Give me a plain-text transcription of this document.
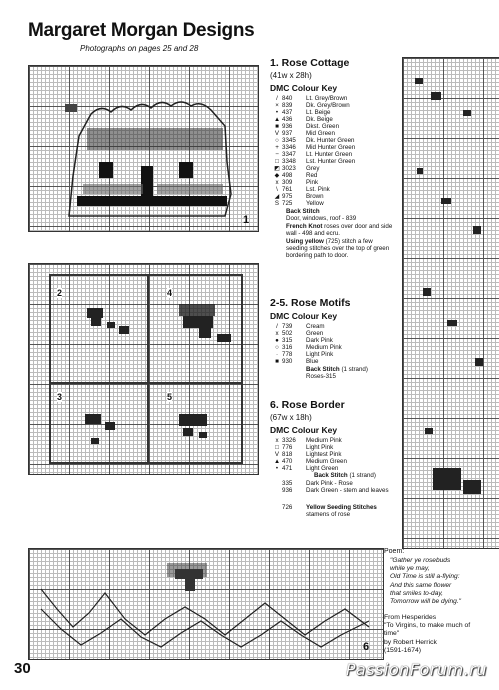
Margaret Morgan Designs
Photographs on pages 25 and 28
1
2	4
3	5
6
1. Rose Cottage
(41w x 28h)
DMC Colour Key
/ 840 Lt. Grey/Brown
× 839 Dk. Grey/Brown
• 437 Lt. Beige
▲ 436 Dk. Beige
■ 936 Dkst. Green
V 937 Mid Green
○ 3345 Dk. Hunter Green
+ 3346 Mid Hunter Green
− 3347 Lt. Hunter Green
□ 3348 Lst. Hunter Green
◩ 3023 Grey
◆ 498 Red
x 309 Pink
\ 761 Lst. Pink
◢ 975 Brown
S 725 Yellow
Back Stitch
Door, windows, roof - 839
French Knot roses over door and side wall - 498 and ecru.
Using yellow (725) stitch a few seeding stitches over the top of green bordering path to door.
2-5. Rose Motifs
DMC Colour Key
/ 739 Cream
x 502 Green
● 315 Dark Pink
○ 316 Medium Pink
· 778 Light Pink
■ 930 Blue
Back Stitch (1 strand)
Roses-315
6. Rose Border
(67w x 18h)
DMC Colour Key
x 3326 Medium Pink
□ 776 Light Pink
V 818 Lightest Pink
▲ 470 Medium Green
• 471 Light Green
Back Stitch (1 strand)
335 Dark Pink - Rose
936 Dark Green - stem and leaves
726 Yellow Seeding Stitches
stamens of rose
Poem:
"Gather ye rosebuds
while ye may,
Old Time is still a-flying:
And this same flower
that smiles to-day,
Tomorrow will be dying."
From Hesperides
"To Virgins, to make much of
time"
by Robert Herrick
(1591-1674)
30	PassionForum.ru
